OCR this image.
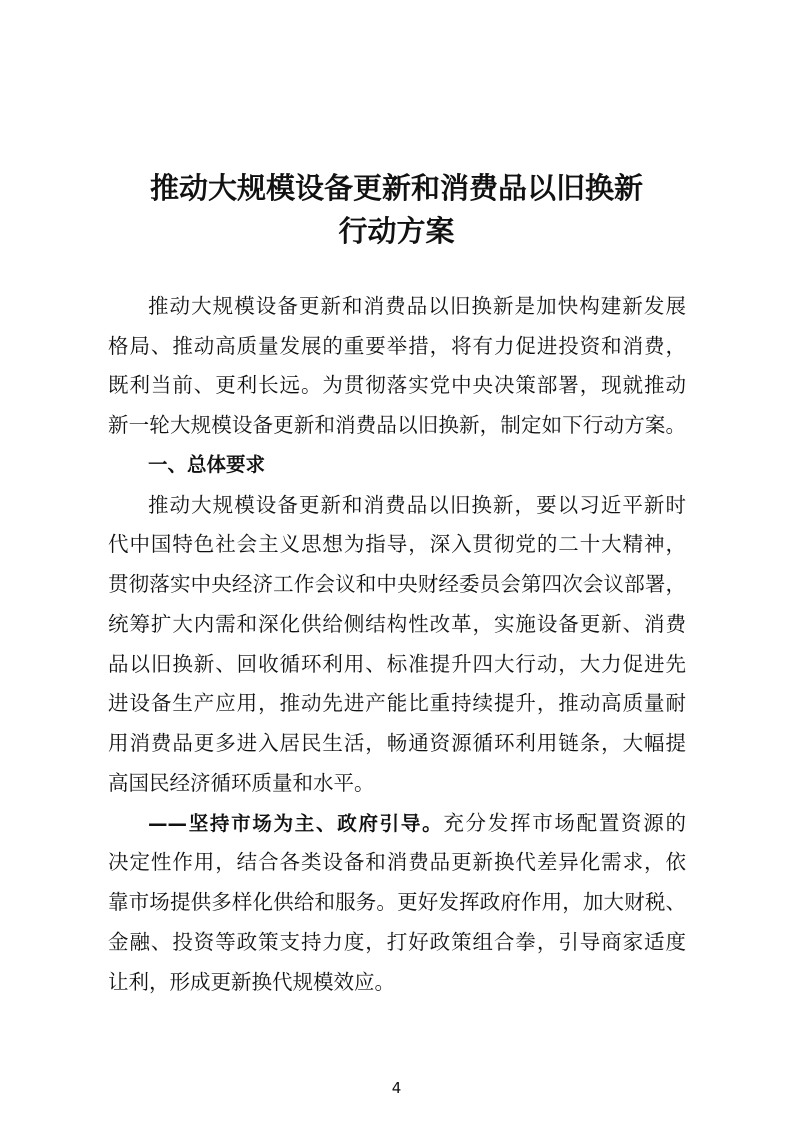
推动大规模设备更新和消费品以旧换新
行动方案

推动大规模设备更新和消费品以旧换新是加快构建新发展

格局、推动高质量发展的重要举措，将有力促进投资和消费，

既利当前、更利长远。为贯彻落实党中央决策部署，现就推动

新一轮大规模设备更新和消费品以旧换新，制定如下行动方案。

一、总体要求

推动大规模设备更新和消费品以旧换新，要以习近平新时

代中国特色社会主义思想为指导，深入贯彻党的二十大精神，

贯彻落实中央经济工作会议和中央财经委员会第四次会议部署，

统筹扩大内需和深化供给侧结构性改革，实施设备更新、消费

品以旧换新、回收循环利用、标准提升四大行动，大力促进先

进设备生产应用，推动先进产能比重持续提升，推动高质量耐

用消费品更多进入居民生活，畅通资源循环利用链条，大幅提

高国民经济循环质量和水平。

——坚持市场为主、政府引导。充分发挥市场配置资源的

决定性作用，结合各类设备和消费品更新换代差异化需求，依

靠市场提供多样化供给和服务。更好发挥政府作用，加大财税、

金融、投资等政策支持力度，打好政策组合拳，引导商家适度

让利，形成更新换代规模效应。

4
